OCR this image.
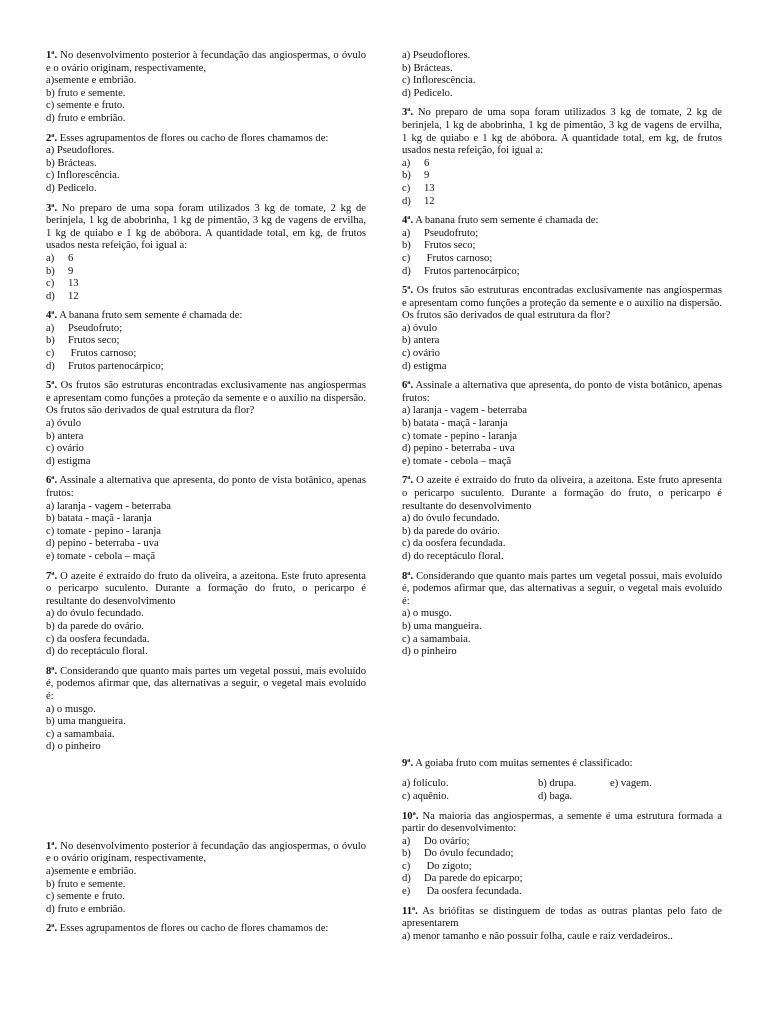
1ª. No desenvolvimento posterior à fecundação das angiospermas, o óvulo e o ovário originam, respectivamente,

a)semente e embrião.

b) fruto e semente.

c) semente e fruto.

d) fruto e embrião.

2ª. Esses agrupamentos de flores ou cacho de flores chamamos de:

a) Pseudoflores.

b) Brácteas.

c) Inflorescência.

d) Pedicelo.

3ª. No preparo de uma sopa foram utilizados 3 kg de tomate, 2 kg de berinjela, 1 kg de abobrinha, 1 kg de pimentão, 3 kg de vagens de ervilha, 1 kg de quiabo e 1 kg de abóbora. A quantidade total, em kg, de frutos usados nesta refeição, foi igual a:

a) 6

b) 9

c) 13

d) 12

4ª. A banana fruto sem semente é chamada de:

a) Pseudofruto;

b) Frutos seco;

c) Frutos carnoso;

d) Frutos partenocárpico;

5ª. Os frutos são estruturas encontradas exclusivamente nas angiospermas e apresentam como funções a proteção da semente e o auxílio na dispersão. Os frutos são derivados de qual estrutura da flor?

a) óvulo

b) antera

c) ovário

d) estigma

6ª. Assinale a alternativa que apresenta, do ponto de vista botânico, apenas frutos:

a) laranja - vagem - beterraba

b) batata - maçã - laranja

c) tomate - pepino - laranja

d) pepino - beterraba - uva

e) tomate - cebola – maçã

7ª. O azeite é extraído do fruto da oliveira, a azeitona. Este fruto apresenta o pericarpo suculento. Durante a formação do fruto, o pericarpo é resultante do desenvolvimento

a) do óvulo fecundado.

b) da parede do ovário.

c) da oosfera fecundada.

d) do receptáculo floral.

8ª. Considerando que quanto mais partes um vegetal possui, mais evoluído é, podemos afirmar que, das alternativas a seguir, o vegetal mais evoluído é:

a) o musgo.

b) uma mangueira.

c) a samambaia.

d) o pinheiro

1ª. No desenvolvimento posterior à fecundação das angiospermas, o óvulo e o ovário originam, respectivamente,

a)semente e embrião.

b) fruto e semente.

c) semente e fruto.

d) fruto e embrião.

2ª. Esses agrupamentos de flores ou cacho de flores chamamos de:

a) Pseudoflores.

b) Brácteas.

c) Inflorescência.

d) Pedicelo.

3ª. No preparo de uma sopa foram utilizados 3 kg de tomate, 2 kg de berinjela, 1 kg de abobrinha, 1 kg de pimentão, 3 kg de vagens de ervilha, 1 kg de quiabo e 1 kg de abóbora. A quantidade total, em kg, de frutos usados nesta refeição, foi igual a:

a) 6

b) 9

c) 13

d) 12

4ª. A banana fruto sem semente é chamada de:

a) Pseudofruto;

b) Frutos seco;

c) Frutos carnoso;

d) Frutos partenocárpico;

5ª. Os frutos são estruturas encontradas exclusivamente nas angiospermas e apresentam como funções a proteção da semente e o auxílio na dispersão. Os frutos são derivados de qual estrutura da flor?

a) óvulo

b) antera

c) ovário

d) estigma

6ª. Assinale a alternativa que apresenta, do ponto de vista botânico, apenas frutos:

a) laranja - vagem - beterraba

b) batata - maçã - laranja

c) tomate - pepino - laranja

d) pepino - beterraba - uva

e) tomate - cebola – maçã

7ª. O azeite é extraído do fruto da oliveira, a azeitona. Este fruto apresenta o pericarpo suculento. Durante a formação do fruto, o pericarpo é resultante do desenvolvimento

a) do óvulo fecundado.

b) da parede do ovário.

c) da oosfera fecundada.

d) do receptáculo floral.

8ª. Considerando que quanto mais partes um vegetal possui, mais evoluído é, podemos afirmar que, das alternativas a seguir, o vegetal mais evoluído é:

a) o musgo.

b) uma mangueira.

c) a samambaia.

d) o pinheiro

9ª. A goiaba fruto com muitas sementes é classificado:

a) folículo.	b) drupa.	e) vagem.

c) aquênio.	d) baga.

10ª. Na maioria das angiospermas, a semente é uma estrutura formada a partir do desenvolvimento:

a) Do ovário;

b) Do óvulo fecundado;

c) Do zigoto;

d) Da parede do epicarpo;

e) Da oosfera fecundada.

11ª. As briófitas se distinguem de todas as outras plantas pelo fato de apresentarem

a) menor tamanho e não possuir folha, caule e raiz verdadeiros..
